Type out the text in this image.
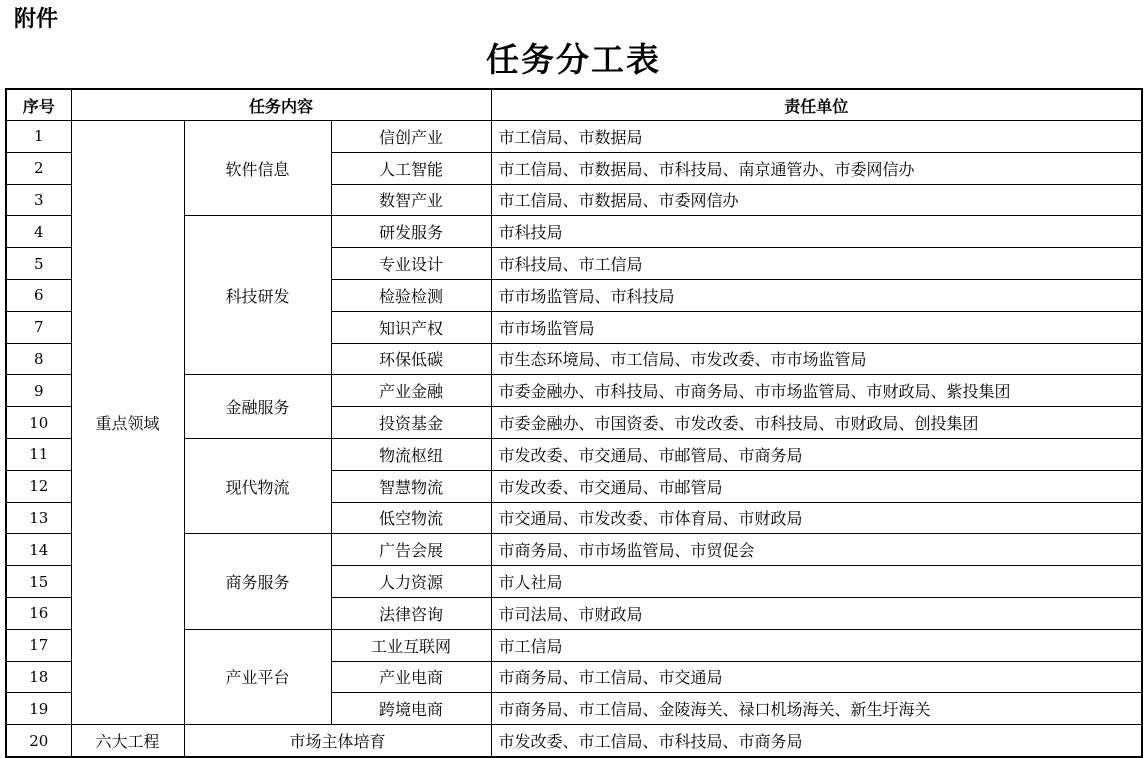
附件
任务分工表
序号	任务内容			责任单位
1	重点领域	软件信息	信创产业	市工信局、市数据局
2			人工智能	市工信局、市数据局、市科技局、南京通管办、市委网信办
3			数智产业	市工信局、市数据局、市委网信办
4		科技研发	研发服务	市科技局
5			专业设计	市科技局、市工信局
6			检验检测	市市场监管局、市科技局
7			知识产权	市市场监管局
8			环保低碳	市生态环境局、市工信局、市发改委、市市场监管局
9		金融服务	产业金融	市委金融办、市科技局、市商务局、市市场监管局、市财政局、紫投集团
10			投资基金	市委金融办、市国资委、市发改委、市科技局、市财政局、创投集团
11		现代物流	物流枢纽	市发改委、市交通局、市邮管局、市商务局
12			智慧物流	市发改委、市交通局、市邮管局
13			低空物流	市交通局、市发改委、市体育局、市财政局
14		商务服务	广告会展	市商务局、市市场监管局、市贸促会
15			人力资源	市人社局
16			法律咨询	市司法局、市财政局
17		产业平台	工业互联网	市工信局
18			产业电商	市商务局、市工信局、市交通局
19			跨境电商	市商务局、市工信局、金陵海关、禄口机场海关、新生圩海关
20	六大工程	市场主体培育		市发改委、市工信局、市科技局、市商务局
